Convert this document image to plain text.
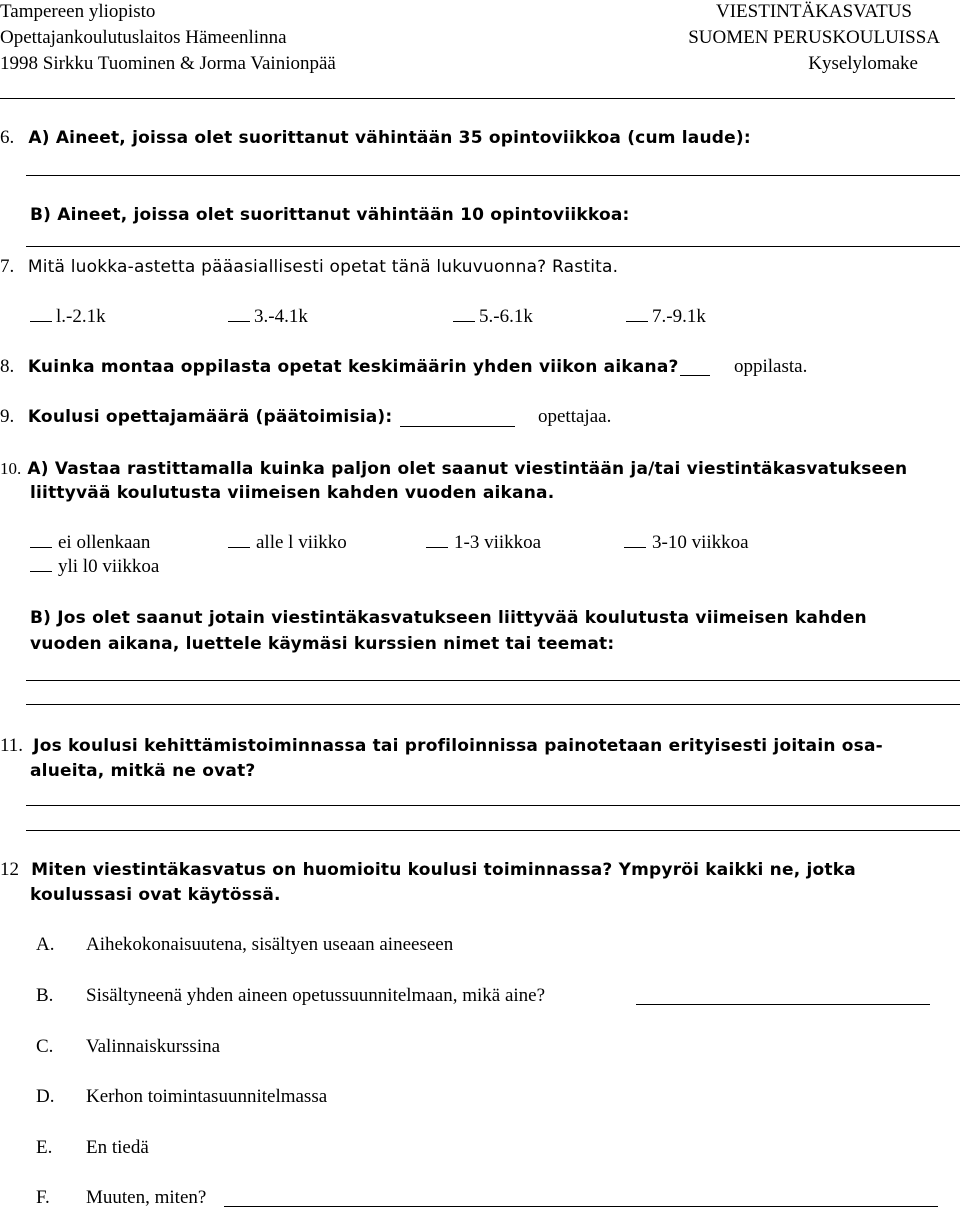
Tampereen yliopisto
Opettajankoulutuslaitos Hämeenlinna
1998 Sirkku Tuominen & Jorma Vainionpää
VIESTINTÄKASVATUS
SUOMEN PERUSKOULUISSA
Kyselylomake
6. A) Aineet, joissa olet suorittanut vähintään 35 opintoviikkoa (cum laude):
B) Aineet, joissa olet suorittanut vähintään 10 opintoviikkoa:
7. Mitä luokka-astetta pääasiallisesti opetat tänä lukuvuonna? Rastita.
l.-2.1k	3.-4.1k	5.-6.1k	7.-9.1k
8. Kuinka montaa oppilasta opetat keskimäärin yhden viikon aikana?	oppilasta.
9. Koulusi opettajamäärä (päätoimisia):	opettajaa.
10. A) Vastaa rastittamalla kuinka paljon olet saanut viestintään ja/tai viestintäkasvatukseen
liittyvää koulutusta viimeisen kahden vuoden aikana.
ei ollenkaan	alle l viikko	1-3 viikkoa	3-10 viikkoa
yli l0 viikkoa
B) Jos olet saanut jotain viestintäkasvatukseen liittyvää koulutusta viimeisen kahden
vuoden aikana, luettele käymäsi kurssien nimet tai teemat:
11. Jos koulusi kehittämistoiminnassa tai profiloinnissa painotetaan erityisesti joitain osa-
alueita, mitkä ne ovat?
12 Miten viestintäkasvatus on huomioitu koulusi toiminnassa? Ympyröi kaikki ne, jotka
koulussasi ovat käytössä.
A. Aihekokonaisuutena, sisältyen useaan aineeseen
B. Sisältyneenä yhden aineen opetussuunnitelmaan, mikä aine?
C. Valinnaiskurssina
D. Kerhon toimintasuunnitelmassa
E. En tiedä
F. Muuten, miten?
